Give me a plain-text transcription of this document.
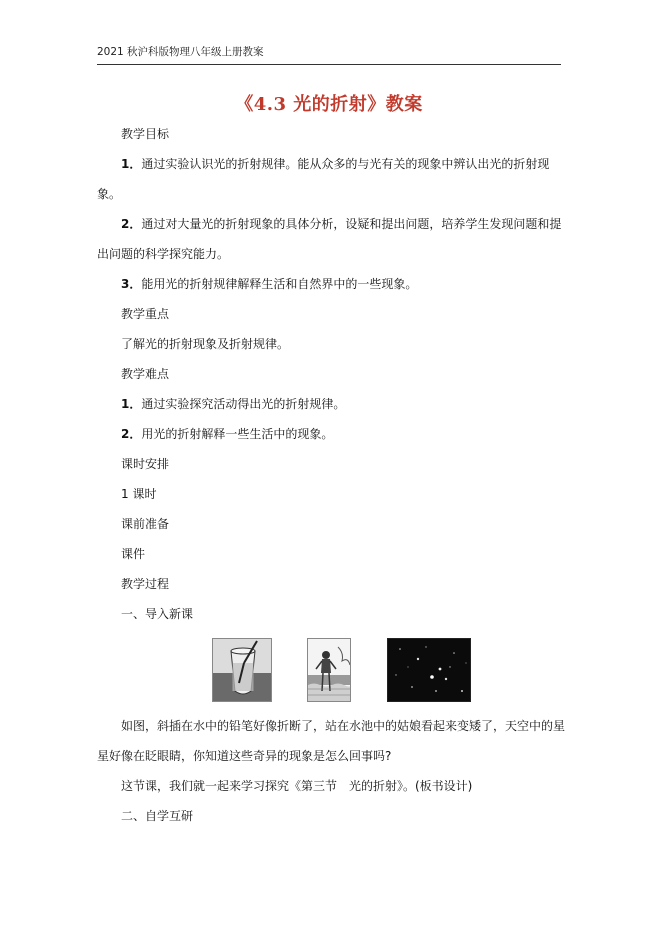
2021 秋沪科版物理八年级上册教案
《4.3 光的折射》教案
教学目标
1．通过实验认识光的折射规律。能从众多的与光有关的现象中辨认出光的折射现
象。
2．通过对大量光的折射现象的具体分析，设疑和提出问题，培养学生发现问题和提
出问题的科学探究能力。
3．能用光的折射规律解释生活和自然界中的一些现象。
教学重点
了解光的折射现象及折射规律。
教学难点
1．通过实验探究活动得出光的折射规律。
2．用光的折射解释一些生活中的现象。
课时安排
1 课时
课前准备
课件
教学过程
一、导入新课
如图，斜插在水中的铅笔好像折断了，站在水池中的姑娘看起来变矮了，天空中的星
星好像在眨眼睛，你知道这些奇异的现象是怎么回事吗?
这节课，我们就一起来学习探究《第三节　光的折射》。(板书设计)
二、自学互研
